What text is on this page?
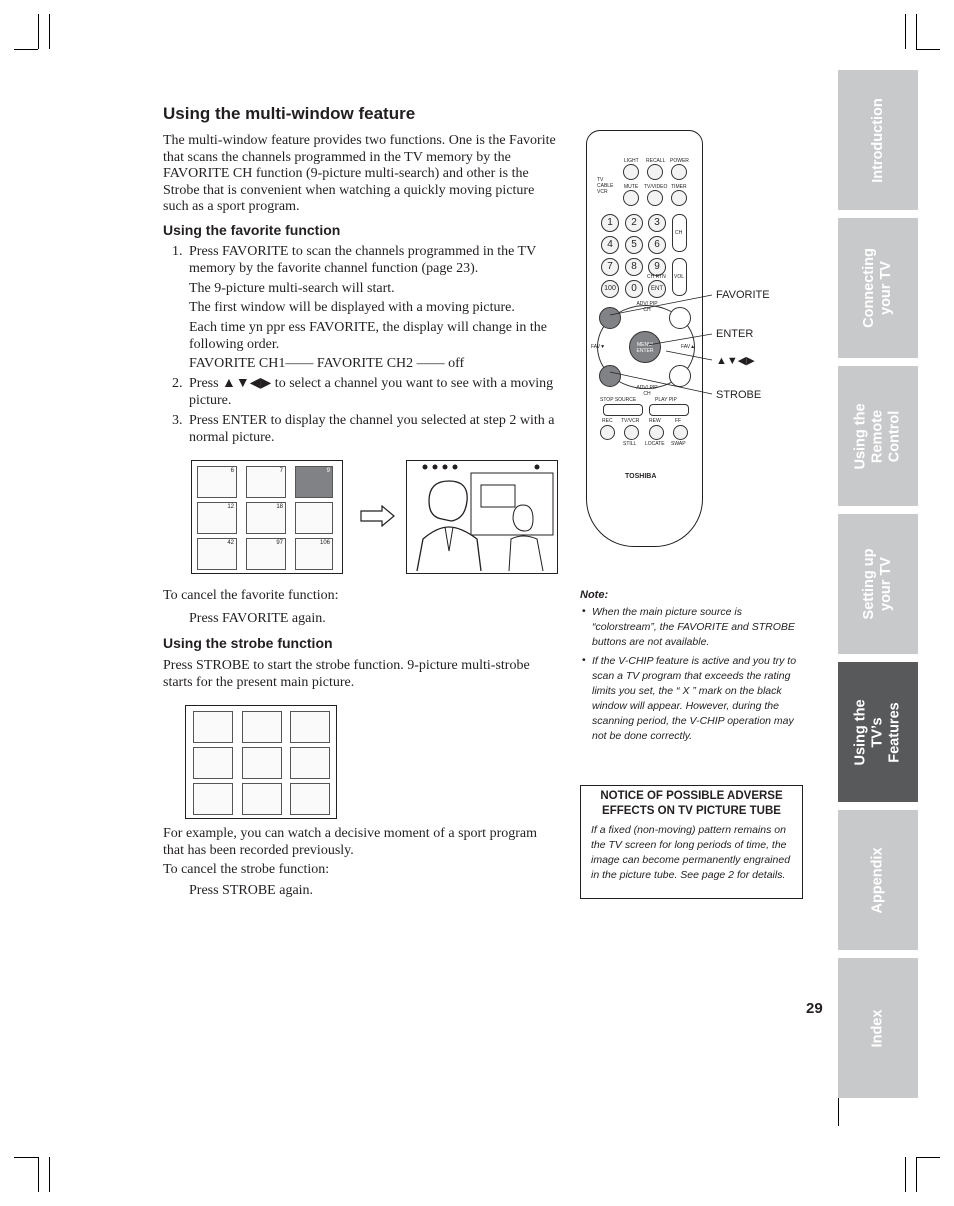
Using the multi-window feature
The multi-window feature provides two functions. One is the Favorite that scans the channels programmed in the TV memory by the FAVORITE CH function (9-picture multi-search) and other is the Strobe that is convenient when watching a quickly moving picture such as a sport program.
Using the favorite function
1. Press FAVORITE to scan the channels programmed in the TV memory by the favorite channel function (page 23).
The 9-picture multi-search will start.
The first window will be displayed with a moving picture.
Each time yn ppr ess FAVORITE, the display will change in the following order.
FAVORITE CH1—— FAVORITE CH2 —— off
2. Press ▲▼◀▶ to select a channel you want to see with a moving picture.
3. Press ENTER to display the channel you selected at step 2 with a normal picture.
6	7	9
12	18
42	97	106
To cancel the favorite function:
Press FAVORITE again.
Using the strobe function
Press STROBE to start the strobe function. 9-picture multi-strobe starts for the present main picture.
For example, you can watch a decisive moment of a sport program that has been recorded previously.
To cancel the strobe function:
Press STROBE again.
TV
CABLE
VCR
LIGHT RECALL POWER
MUTE TV/VIDEO TIMER
1	2	3
4	5	6
7	8	9
100	0	ENT
CH
VOL
CH RTN
ADV/ PIP CH
MENU/ ENTER
FAV▼	FAV▲
ADV/ PIP CH
STOP SOURCE	PLAY PIP
REC TV/VCR REW	FF
STILL LOCATE SWAP
TOSHIBA
FAVORITE
ENTER
▲▼◀▶
STROBE
Note:
• When the main picture source is “colorstream”, the FAVORITE and STROBE buttons are not available.
• If the V-CHIP feature is active and you try to scan a TV program that exceeds the rating limits you set, the “ X ” mark on the black window will appear. However, during the scanning period, the V-CHIP operation may not be done correctly.
NOTICE OF POSSIBLE ADVERSE EFFECTS ON TV PICTURE TUBE
If a fixed (non-moving) pattern remains on the TV screen for long periods of time, the image can become permanently engrained in the picture tube. See page 2 for details.
Introduction
Connecting your TV
Using the Remote Control
Setting up your TV
Using the TV’s Features
Appendix
Index
29
